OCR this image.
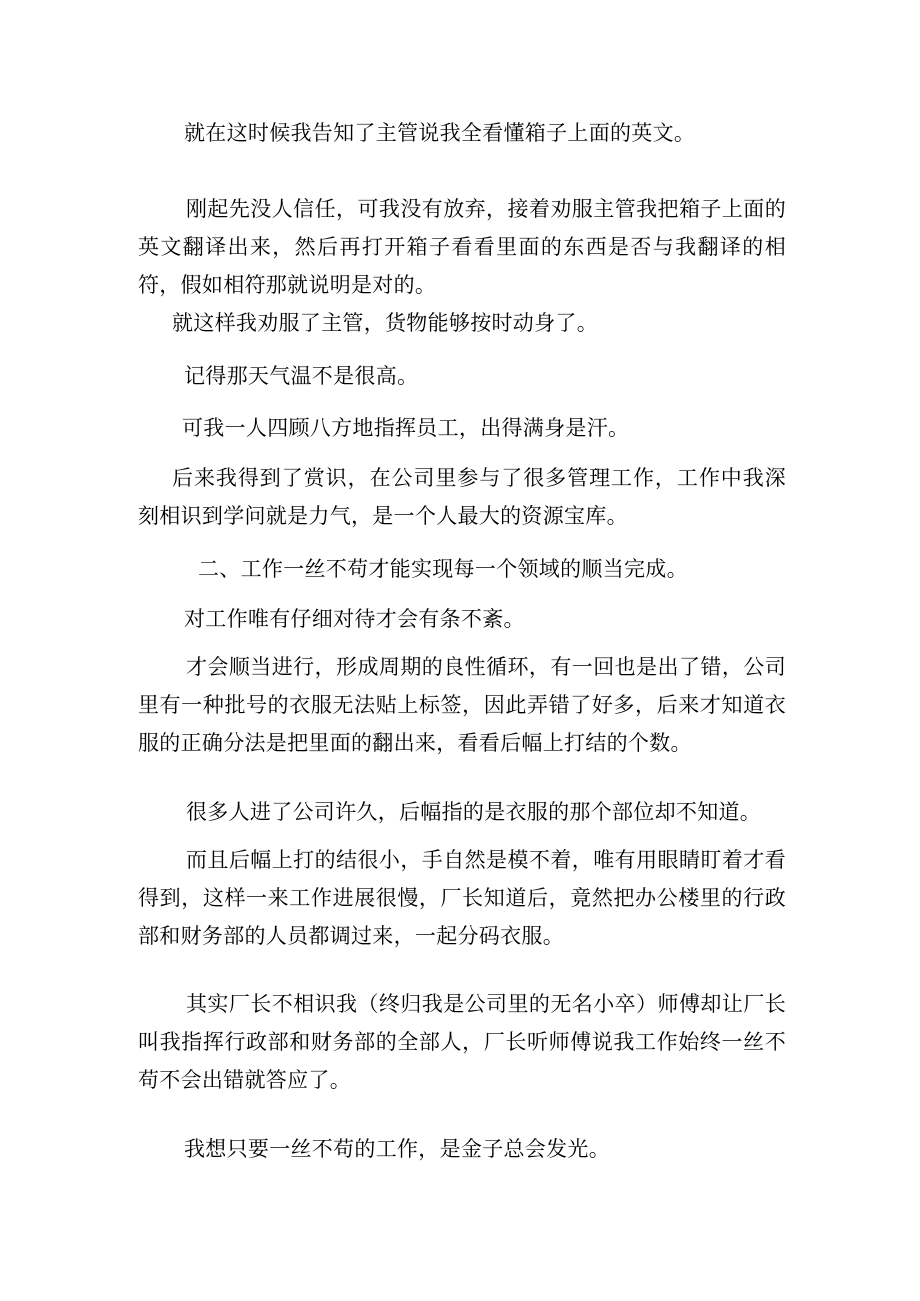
就在这时候我告知了主管说我全看懂箱子上面的英文。

刚起先没人信任，可我没有放弃，接着劝服主管我把箱子上面的英文翻译出来，然后再打开箱子看看里面的东西是否与我翻译的相符，假如相符那就说明是对的。

就这样我劝服了主管，货物能够按时动身了。

记得那天气温不是很高。

可我一人四顾八方地指挥员工，出得满身是汗。

后来我得到了赏识，在公司里参与了很多管理工作，工作中我深刻相识到学问就是力气，是一个人最大的资源宝库。

二、工作一丝不苟才能实现每一个领域的顺当完成。

对工作唯有仔细对待才会有条不紊。

才会顺当进行，形成周期的良性循环，有一回也是出了错，公司里有一种批号的衣服无法贴上标签，因此弄错了好多，后来才知道衣服的正确分法是把里面的翻出来，看看后幅上打结的个数。

很多人进了公司许久，后幅指的是衣服的那个部位却不知道。

而且后幅上打的结很小，手自然是模不着，唯有用眼睛盯着才看得到，这样一来工作进展很慢，厂长知道后，竟然把办公楼里的行政部和财务部的人员都调过来，一起分码衣服。

其实厂长不相识我（终归我是公司里的无名小卒）师傅却让厂长叫我指挥行政部和财务部的全部人，厂长听师傅说我工作始终一丝不苟不会出错就答应了。

我想只要一丝不苟的工作，是金子总会发光。
